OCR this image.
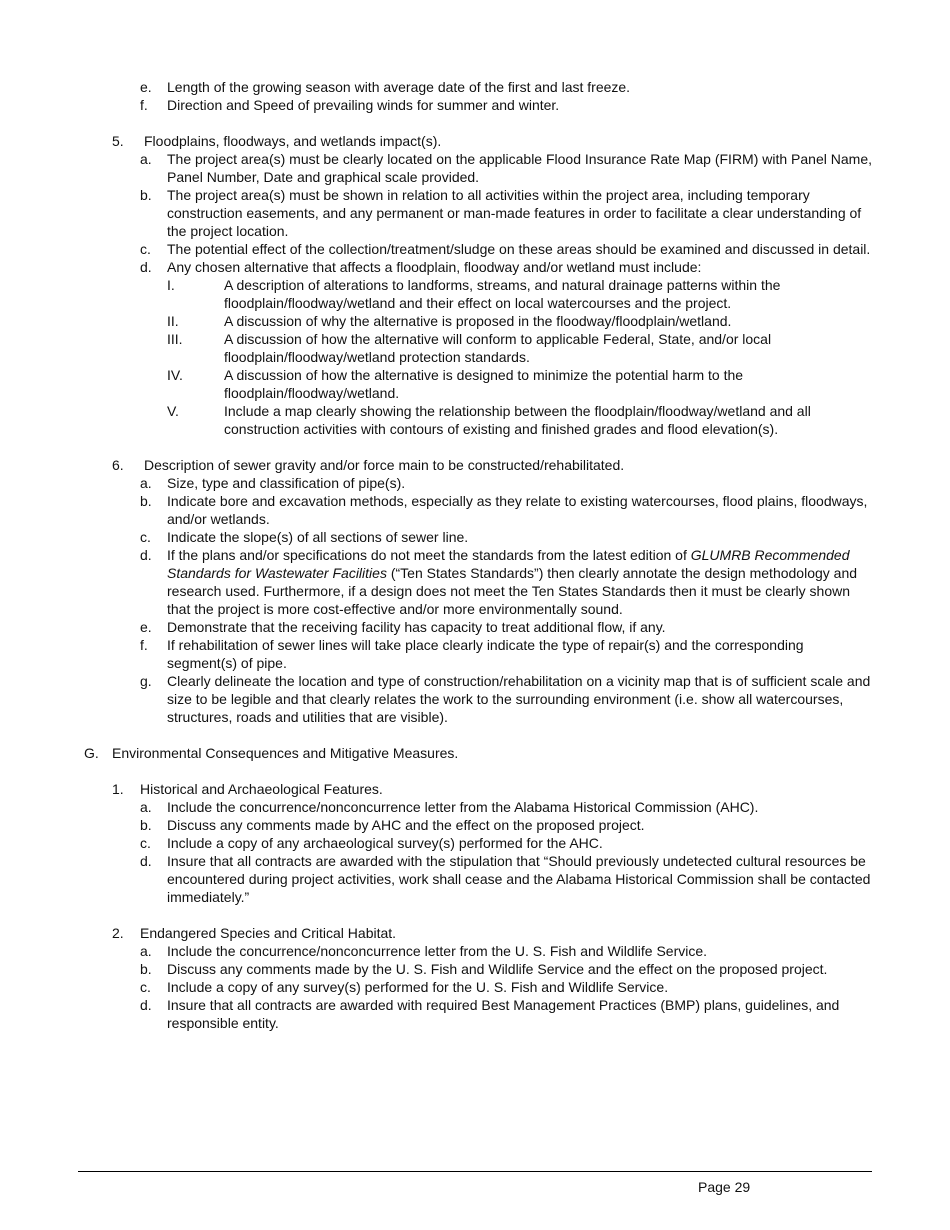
e. Length of the growing season with average date of the first and last freeze.
f. Direction and Speed of prevailing winds for summer and winter.
5. Floodplains, floodways, and wetlands impact(s).
a. The project area(s) must be clearly located on the applicable Flood Insurance Rate Map (FIRM) with Panel Name, Panel Number, Date and graphical scale provided.
b. The project area(s) must be shown in relation to all activities within the project area, including temporary construction easements, and any permanent or man-made features in order to facilitate a clear understanding of the project location.
c. The potential effect of the collection/treatment/sludge on these areas should be examined and discussed in detail.
d. Any chosen alternative that affects a floodplain, floodway and/or wetland must include:
I.	A description of alterations to landforms, streams, and natural drainage patterns within the floodplain/floodway/wetland and their effect on local watercourses and the project.
II.	A discussion of why the alternative is proposed in the floodway/floodplain/wetland.
III.	A discussion of how the alternative will conform to applicable Federal, State, and/or local floodplain/floodway/wetland protection standards.
IV.	A discussion of how the alternative is designed to minimize the potential harm to the floodplain/floodway/wetland.
V.	Include a map clearly showing the relationship between the floodplain/floodway/wetland and all construction activities with contours of existing and finished grades and flood elevation(s).
6. Description of sewer gravity and/or force main to be constructed/rehabilitated.
a. Size, type and classification of pipe(s).
b. Indicate bore and excavation methods, especially as they relate to existing watercourses, flood plains, floodways, and/or wetlands.
c. Indicate the slope(s) of all sections of sewer line.
d. If the plans and/or specifications do not meet the standards from the latest edition of GLUMRB Recommended Standards for Wastewater Facilities (“Ten States Standards”) then clearly annotate the design methodology and research used. Furthermore, if a design does not meet the Ten States Standards then it must be clearly shown that the project is more cost-effective and/or more environmentally sound.
e. Demonstrate that the receiving facility has capacity to treat additional flow, if any.
f. If rehabilitation of sewer lines will take place clearly indicate the type of repair(s) and the corresponding segment(s) of pipe.
g. Clearly delineate the location and type of construction/rehabilitation on a vicinity map that is of sufficient scale and size to be legible and that clearly relates the work to the surrounding environment (i.e. show all watercourses, structures, roads and utilities that are visible).
G. Environmental Consequences and Mitigative Measures.
1. Historical and Archaeological Features.
a. Include the concurrence/nonconcurrence letter from the Alabama Historical Commission (AHC).
b. Discuss any comments made by AHC and the effect on the proposed project.
c. Include a copy of any archaeological survey(s) performed for the AHC.
d. Insure that all contracts are awarded with the stipulation that “Should previously undetected cultural resources be encountered during project activities, work shall cease and the Alabama Historical Commission shall be contacted immediately.”
2. Endangered Species and Critical Habitat.
a. Include the concurrence/nonconcurrence letter from the U. S. Fish and Wildlife Service.
b. Discuss any comments made by the U. S. Fish and Wildlife Service and the effect on the proposed project.
c. Include a copy of any survey(s) performed for the U. S. Fish and Wildlife Service.
d. Insure that all contracts are awarded with required Best Management Practices (BMP) plans, guidelines, and responsible entity.
Page 29
